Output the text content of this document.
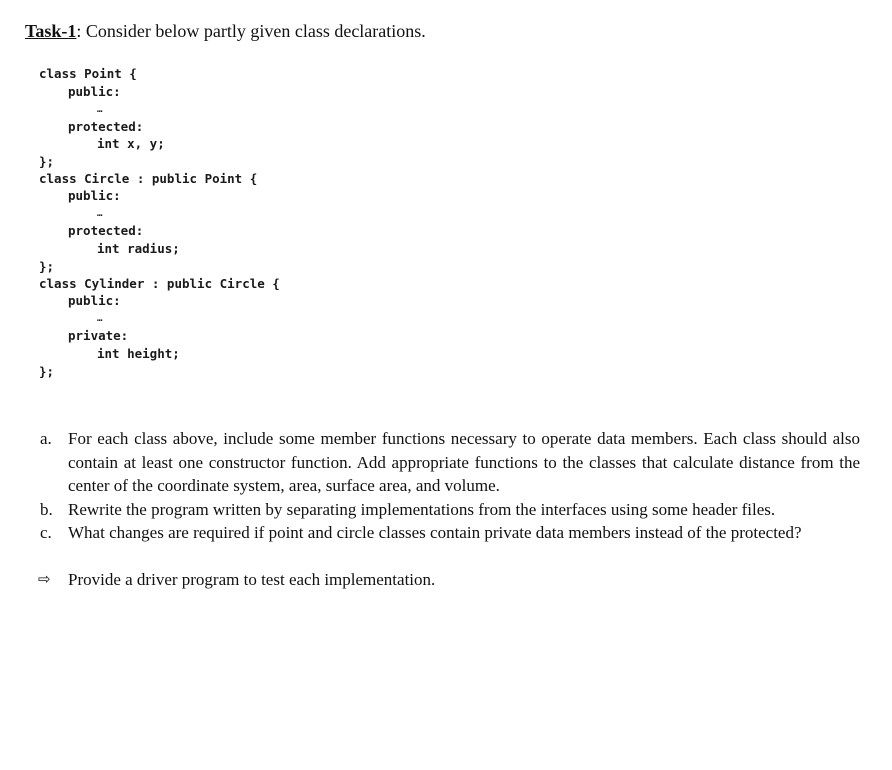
Task-1: Consider below partly given class declarations.
class Point {
public:
…
protected:
int x, y;
};
class Circle : public Point {
public:
…
protected:
int radius;
};
class Cylinder : public Circle {
public:
…
private:
int height;
};
a. For each class above, include some member functions necessary to operate data members. Each class should also contain at least one constructor function. Add appropriate functions to the classes that calculate distance from the center of the coordinate system, area, surface area, and volume.
b. Rewrite the program written by separating implementations from the interfaces using some header files.
c. What changes are required if point and circle classes contain private data members instead of the protected?
⇨ Provide a driver program to test each implementation.
